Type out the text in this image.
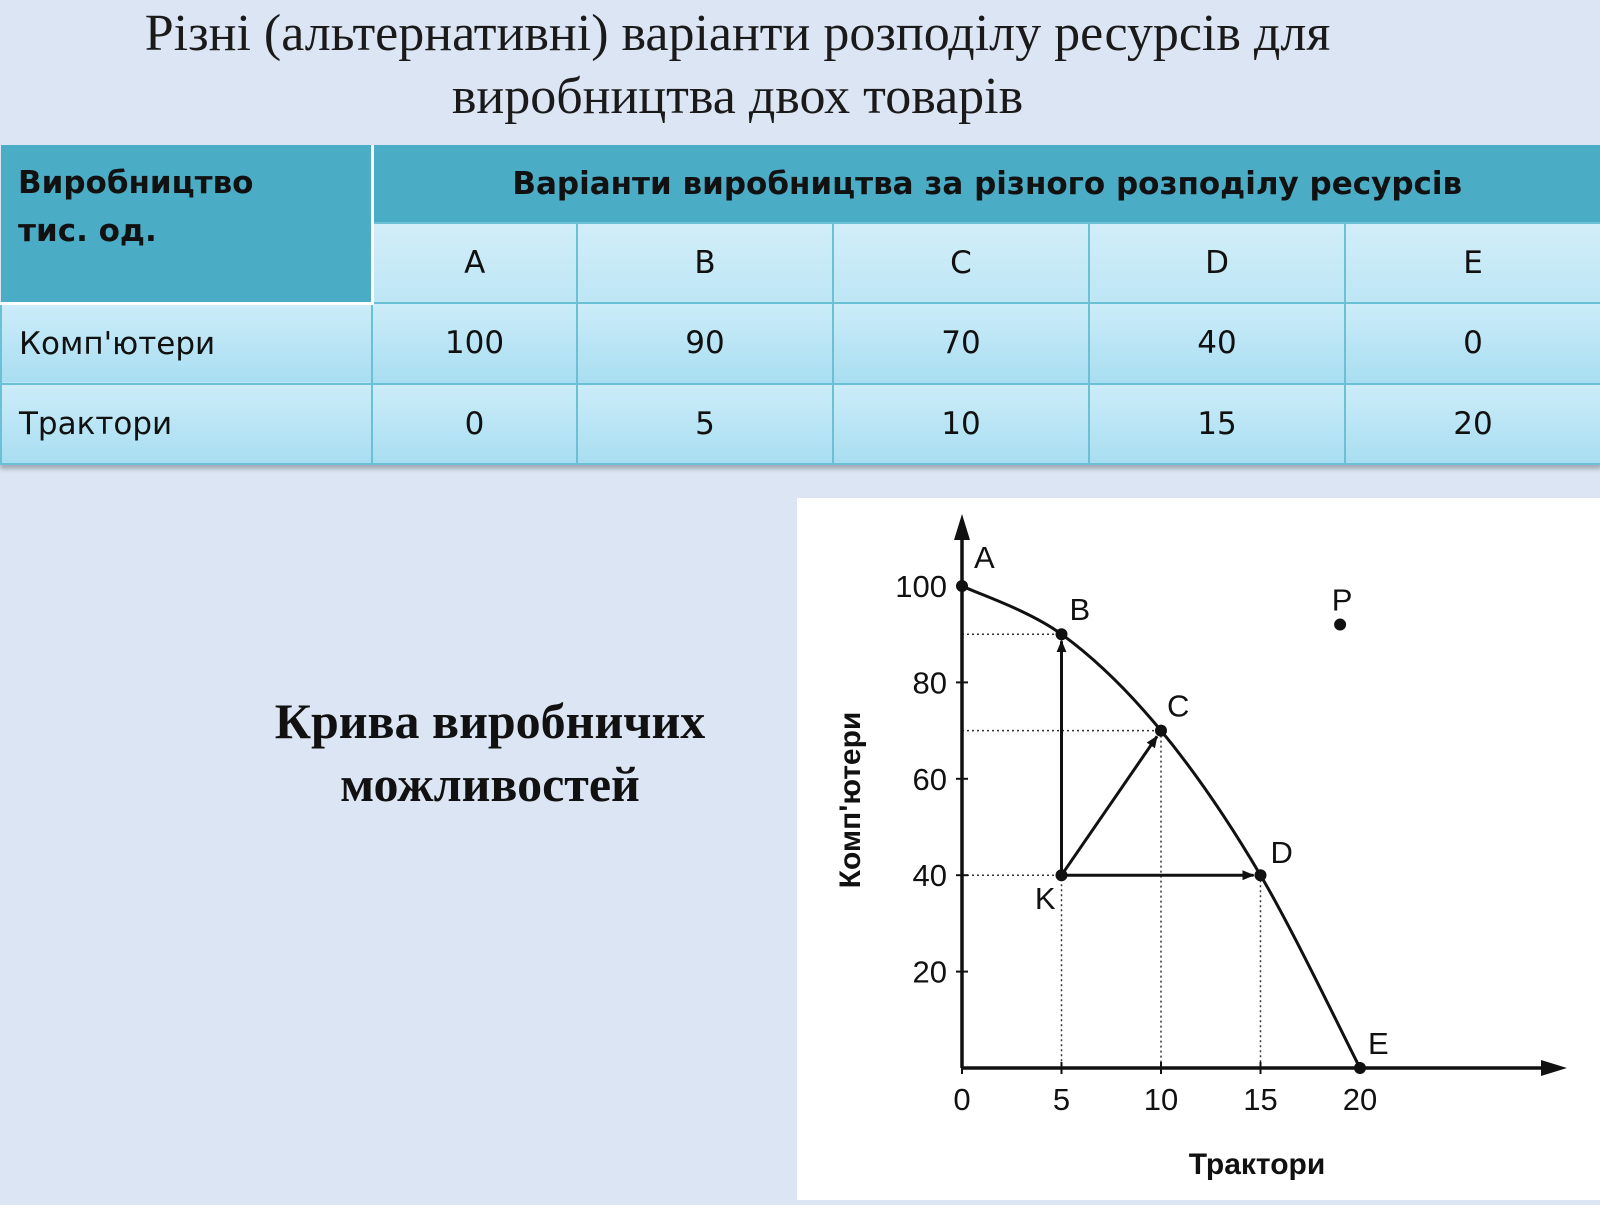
Різні (альтернативні) варіанти розподілу ресурсів для
виробництва двох товарів
Виробництво
тис. од.	Варіанти виробництва за різного розподілу ресурсів				
	A	B	C	D	E
Комп'ютери	100	90	70	40	0
Трактори	0	5	10	15	20
Крива виробничих
можливостей
100
80
60
40
20
0	5 10 15 20
A
B
C
D
E
K
P
Трактори
Комп'ютери
